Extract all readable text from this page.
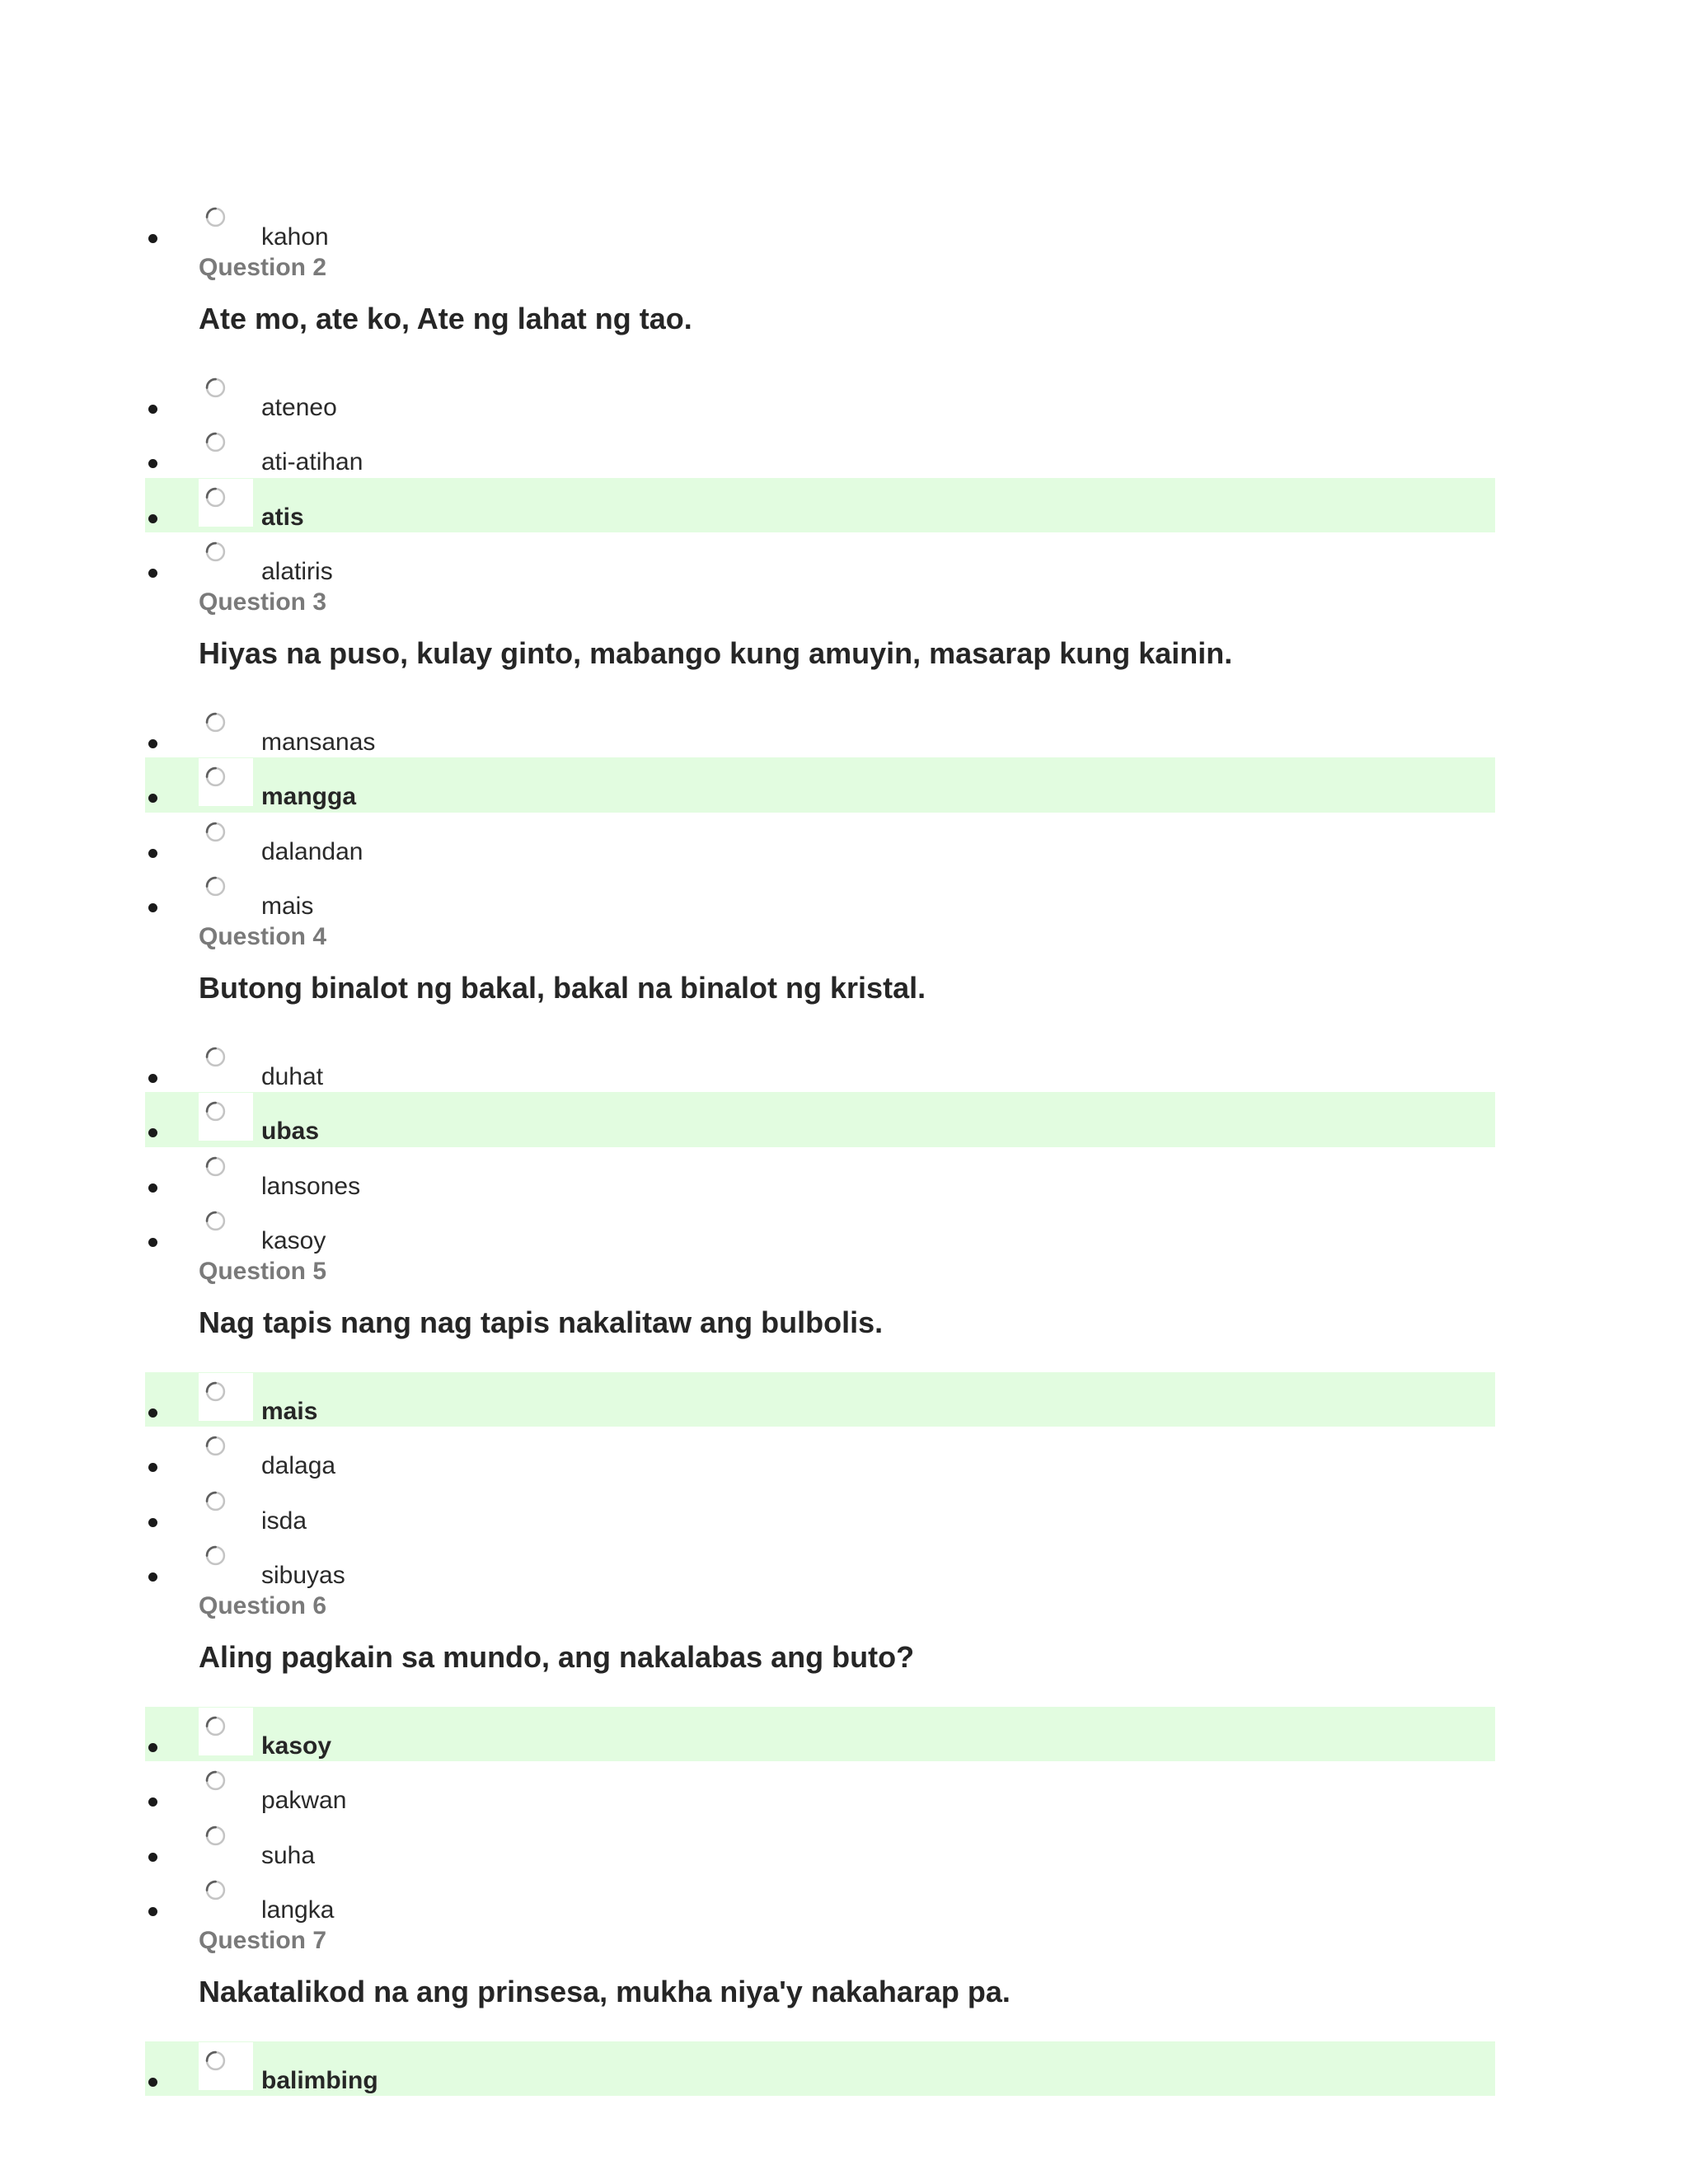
kahon
Question 2
Ate mo, ate ko, Ate ng lahat ng tao.
ateneo
ati-atihan
atis
alatiris
Question 3
Hiyas na puso, kulay ginto, mabango kung amuyin, masarap kung kainin.
mansanas
mangga
dalandan
mais
Question 4
Butong binalot ng bakal, bakal na binalot ng kristal.
duhat
ubas
lansones
kasoy
Question 5
Nag tapis nang nag tapis nakalitaw ang bulbolis.
mais
dalaga
isda
sibuyas
Question 6
Aling pagkain sa mundo, ang nakalabas ang buto?
kasoy
pakwan
suha
langka
Question 7
Nakatalikod na ang prinsesa, mukha niya'y nakaharap pa.
balimbing
